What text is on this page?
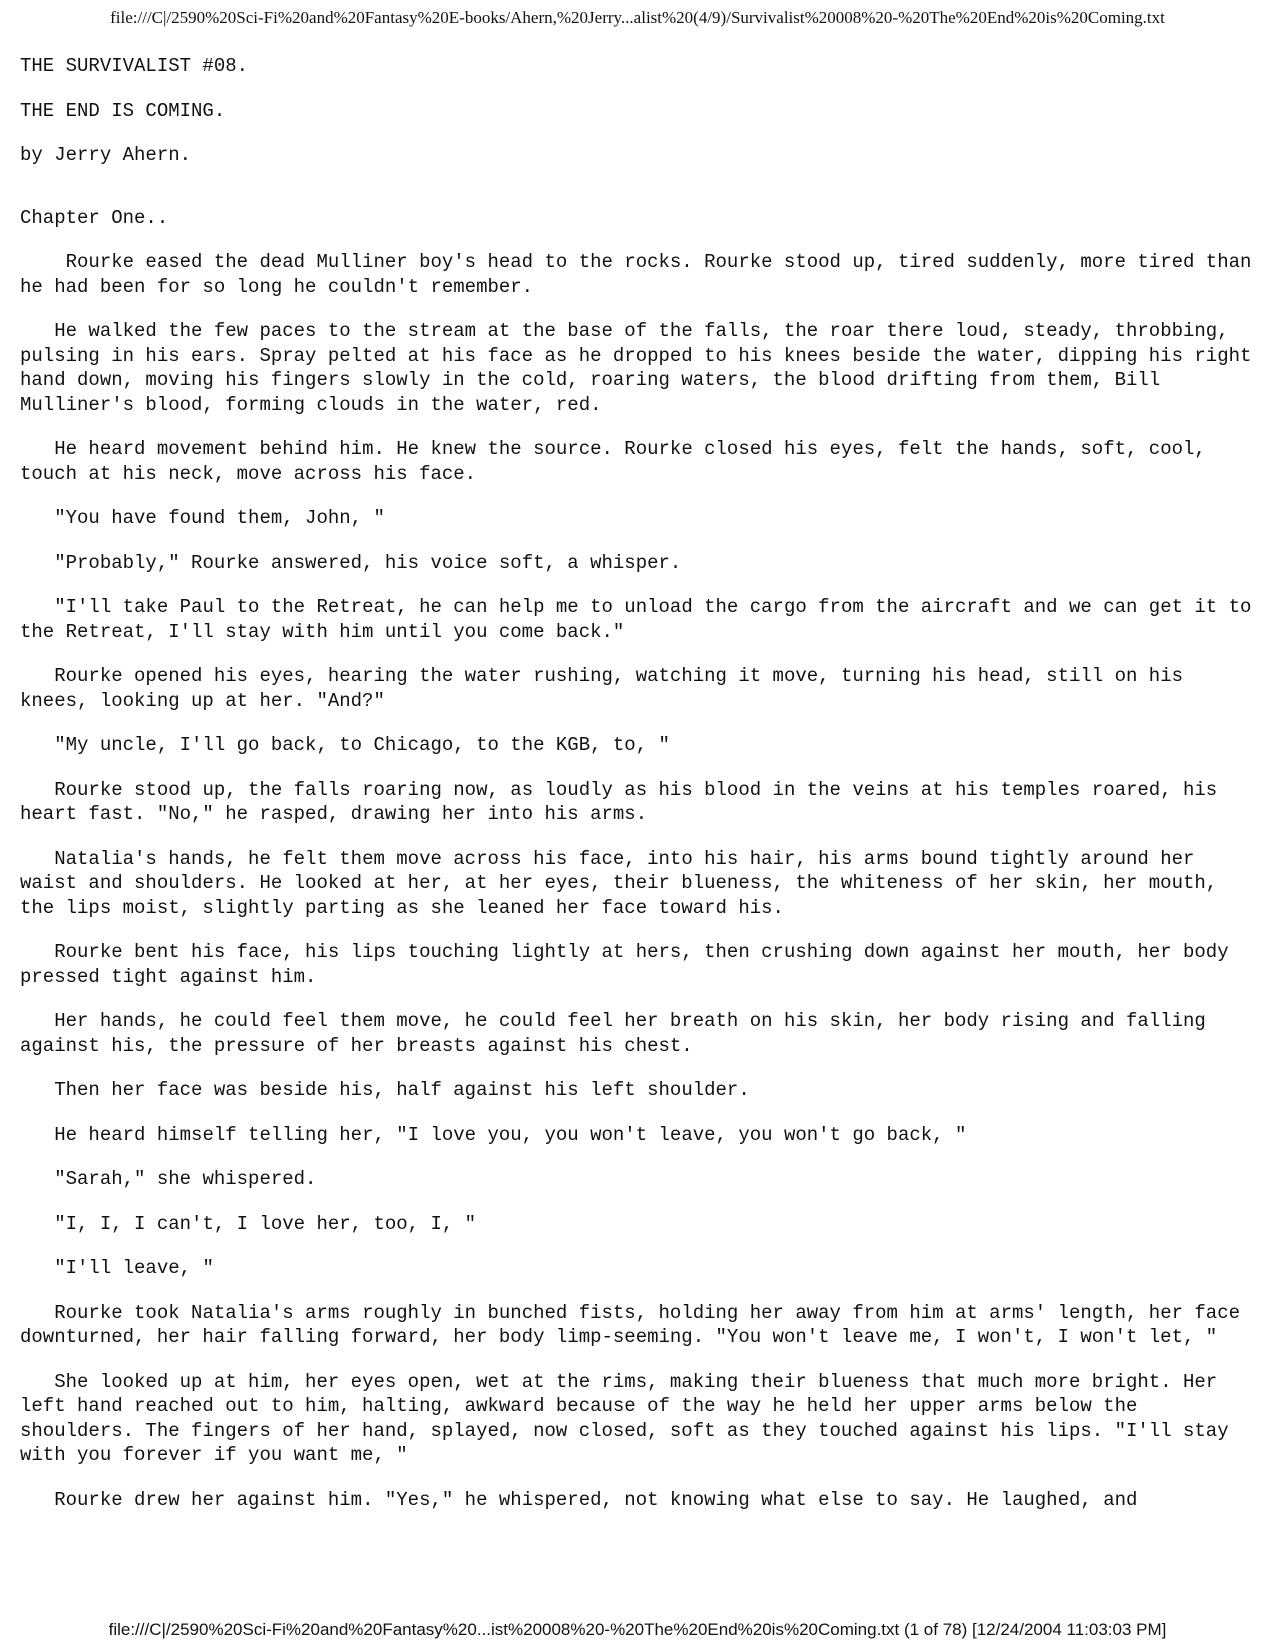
file:///C|/2590%20Sci-Fi%20and%20Fantasy%20E-books/Ahern,%20Jerry...alist%20(4/9)/Survivalist%20008%20-%20The%20End%20is%20Coming.txt

THE SURVIVALIST #08.

THE END IS COMING.

by Jerry Ahern.

Chapter One..

Rourke eased the dead Mulliner boy's head to the rocks. Rourke stood up, tired suddenly, more tired than he had been for so long he couldn't remember.

He walked the few paces to the stream at the base of the falls, the roar there loud, steady, throbbing, pulsing in his ears. Spray pelted at his face as he dropped to his knees beside the water, dipping his right hand down, moving his fingers slowly in the cold, roaring waters, the blood drifting from them, Bill Mulliner's blood, forming clouds in the water, red.

He heard movement behind him. He knew the source. Rourke closed his eyes, felt the hands, soft, cool, touch at his neck, move across his face.

"You have found them, John, "

"Probably," Rourke answered, his voice soft, a whisper.

"I'll take Paul to the Retreat, he can help me to unload the cargo from the aircraft and we can get it to the Retreat, I'll stay with him until you come back."

Rourke opened his eyes, hearing the water rushing, watching it move, turning his head, still on his knees, looking up at her. "And?"

"My uncle, I'll go back, to Chicago, to the KGB, to, "

Rourke stood up, the falls roaring now, as loudly as his blood in the veins at his temples roared, his heart fast. "No," he rasped, drawing her into his arms.

Natalia's hands, he felt them move across his face, into his hair, his arms bound tightly around her waist and shoulders. He looked at her, at her eyes, their blueness, the whiteness of her skin, her mouth, the lips moist, slightly parting as she leaned her face toward his.

Rourke bent his face, his lips touching lightly at hers, then crushing down against her mouth, her body pressed tight against him.

Her hands, he could feel them move, he could feel her breath on his skin, her body rising and falling against his, the pressure of her breasts against his chest.

Then her face was beside his, half against his left shoulder.

He heard himself telling her, "I love you, you won't leave, you won't go back, "

"Sarah," she whispered.

"I, I, I can't, I love her, too, I, "

"I'll leave, "

Rourke took Natalia's arms roughly in bunched fists, holding her away from him at arms' length, her face downturned, her hair falling forward, her body limp-seeming. "You won't leave me, I won't, I won't let, "

She looked up at him, her eyes open, wet at the rims, making their blueness that much more bright. Her left hand reached out to him, halting, awkward because of the way he held her upper arms below the shoulders. The fingers of her hand, splayed, now closed, soft as they touched against his lips. "I'll stay with you forever if you want me, "

Rourke drew her against him. "Yes," he whispered, not knowing what else to say. He laughed, and

file:///C|/2590%20Sci-Fi%20and%20Fantasy%20...ist%20008%20-%20The%20End%20is%20Coming.txt (1 of 78) [12/24/2004 11:03:03 PM]
